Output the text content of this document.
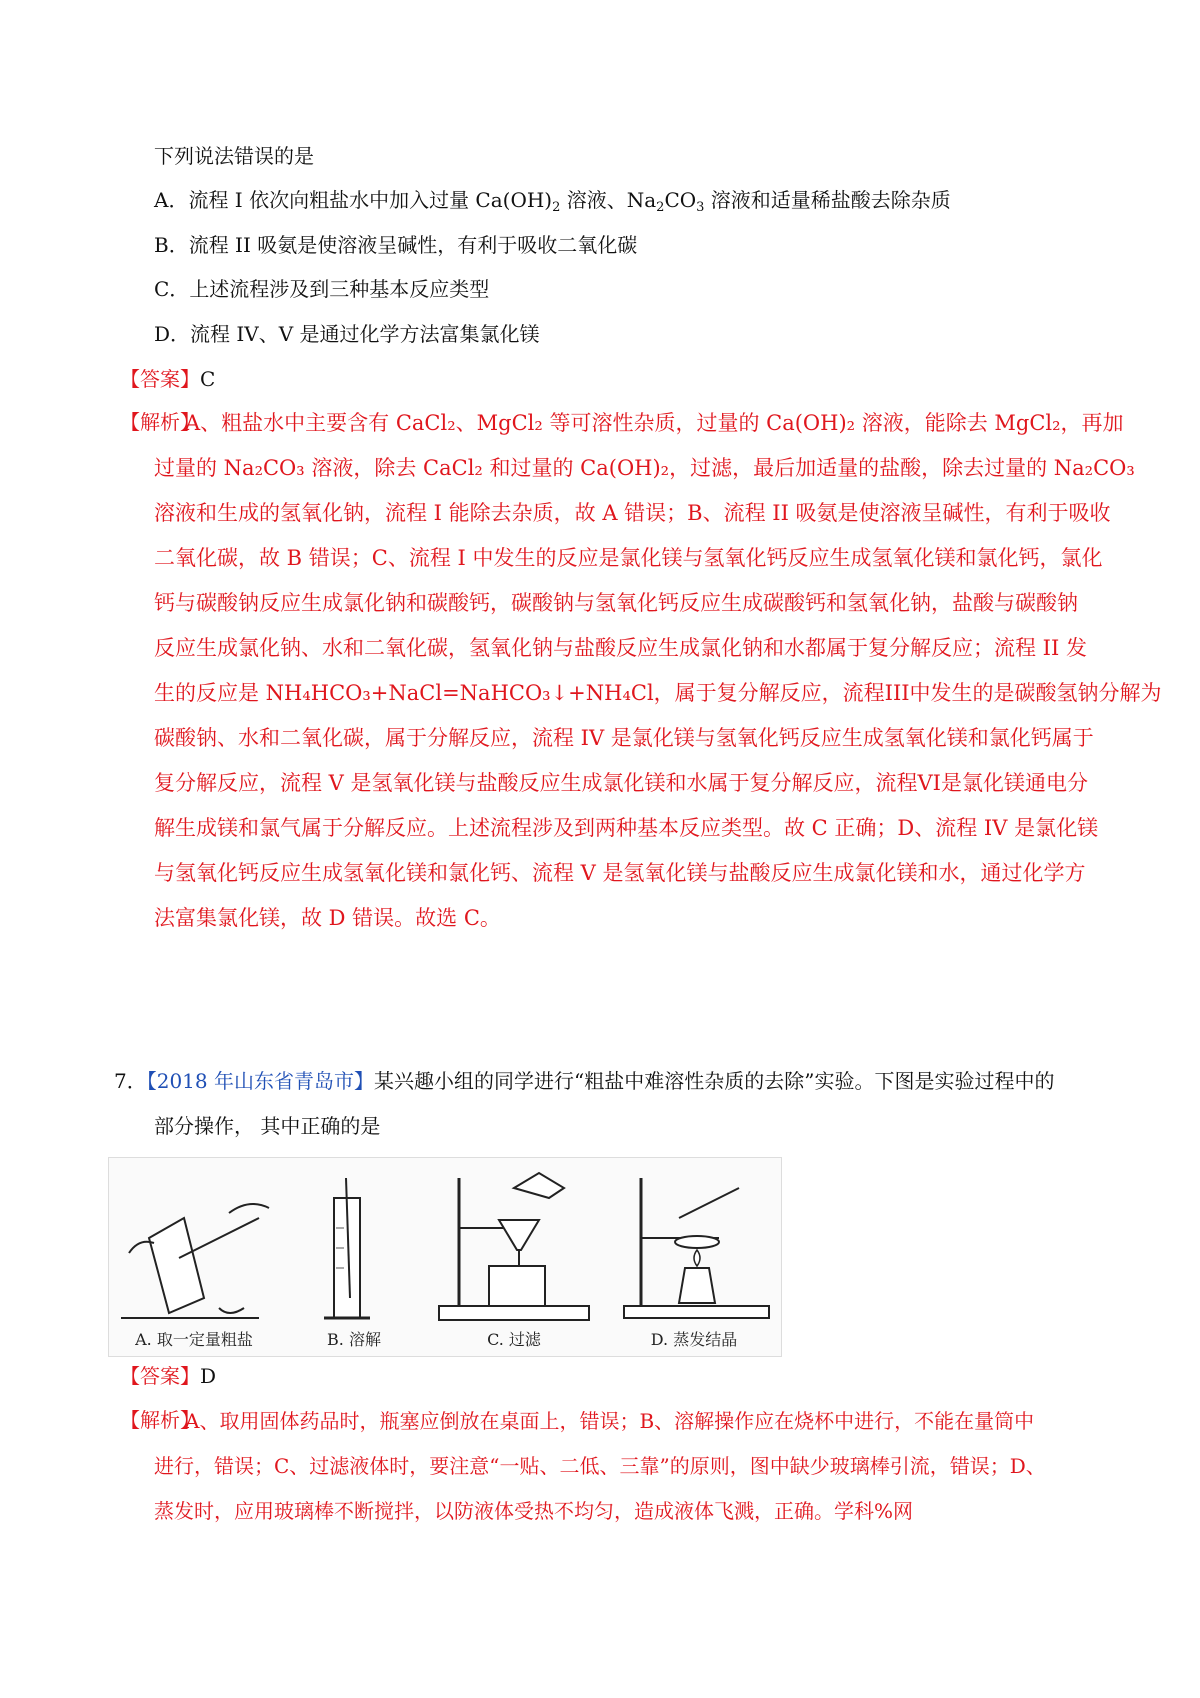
下列说法错误的是
A．流程 I 依次向粗盐水中加入过量 $Ca(OH)_2$ 溶液、$Na_2CO_3$ 溶液和适量稀盐酸去除杂质
B．流程 II 吸氨是使溶液呈碱性，有利于吸收二氧化碳
C．上述流程涉及到三种基本反应类型
D．流程 IV、V 是通过化学方法富集氯化镁
【答案】C
【解析】
A、粗盐水中主要含有 CaCl₂、MgCl₂ 等可溶性杂质，过量的 Ca(OH)₂ 溶液，能除去 MgCl₂，再加
过量的 Na₂CO₃ 溶液，除去 CaCl₂ 和过量的 Ca(OH)₂，过滤，最后加适量的盐酸，除去过量的 Na₂CO₃
溶液和生成的氢氧化钠，流程 I 能除去杂质，故 A 错误；B、流程 II 吸氨是使溶液呈碱性，有利于吸收
二氧化碳，故 B 错误；C、流程 I 中发生的反应是氯化镁与氢氧化钙反应生成氢氧化镁和氯化钙，氯化
钙与碳酸钠反应生成氯化钠和碳酸钙，碳酸钠与氢氧化钙反应生成碳酸钙和氢氧化钠，盐酸与碳酸钠
反应生成氯化钠、水和二氧化碳，氢氧化钠与盐酸反应生成氯化钠和水都属于复分解反应；流程 II 发
生的反应是 NH₄HCO₃+NaCl=NaHCO₃↓+NH₄Cl，属于复分解反应，流程III中发生的是碳酸氢钠分解为
碳酸钠、水和二氧化碳，属于分解反应，流程 IV 是氯化镁与氢氧化钙反应生成氢氧化镁和氯化钙属于
复分解反应，流程 V 是氢氧化镁与盐酸反应生成氯化镁和水属于复分解反应，流程VI是氯化镁通电分
解生成镁和氯气属于分解反应。上述流程涉及到两种基本反应类型。故 C 正确；D、流程 IV 是氯化镁
与氢氧化钙反应生成氢氧化镁和氯化钙、流程 V 是氢氧化镁与盐酸反应生成氯化镁和水，通过化学方
法富集氯化镁，故 D 错误。故选 C。
7．【2018 年山东省青岛市】某兴趣小组的同学进行“粗盐中难溶性杂质的去除”实验。下图是实验过程中的
部分操作， 其中正确的是
A. 取一定量粗盐	B. 溶解	C. 过滤	D. 蒸发结晶
【答案】D
【解析】
A、取用固体药品时，瓶塞应倒放在桌面上，错误；B、溶解操作应在烧杯中进行，不能在量筒中
进行，错误；C、过滤液体时，要注意“一贴、二低、三靠”的原则，图中缺少玻璃棒引流，错误；D、
蒸发时，应用玻璃棒不断搅拌，以防液体受热不均匀，造成液体飞溅，正确。学科%网
